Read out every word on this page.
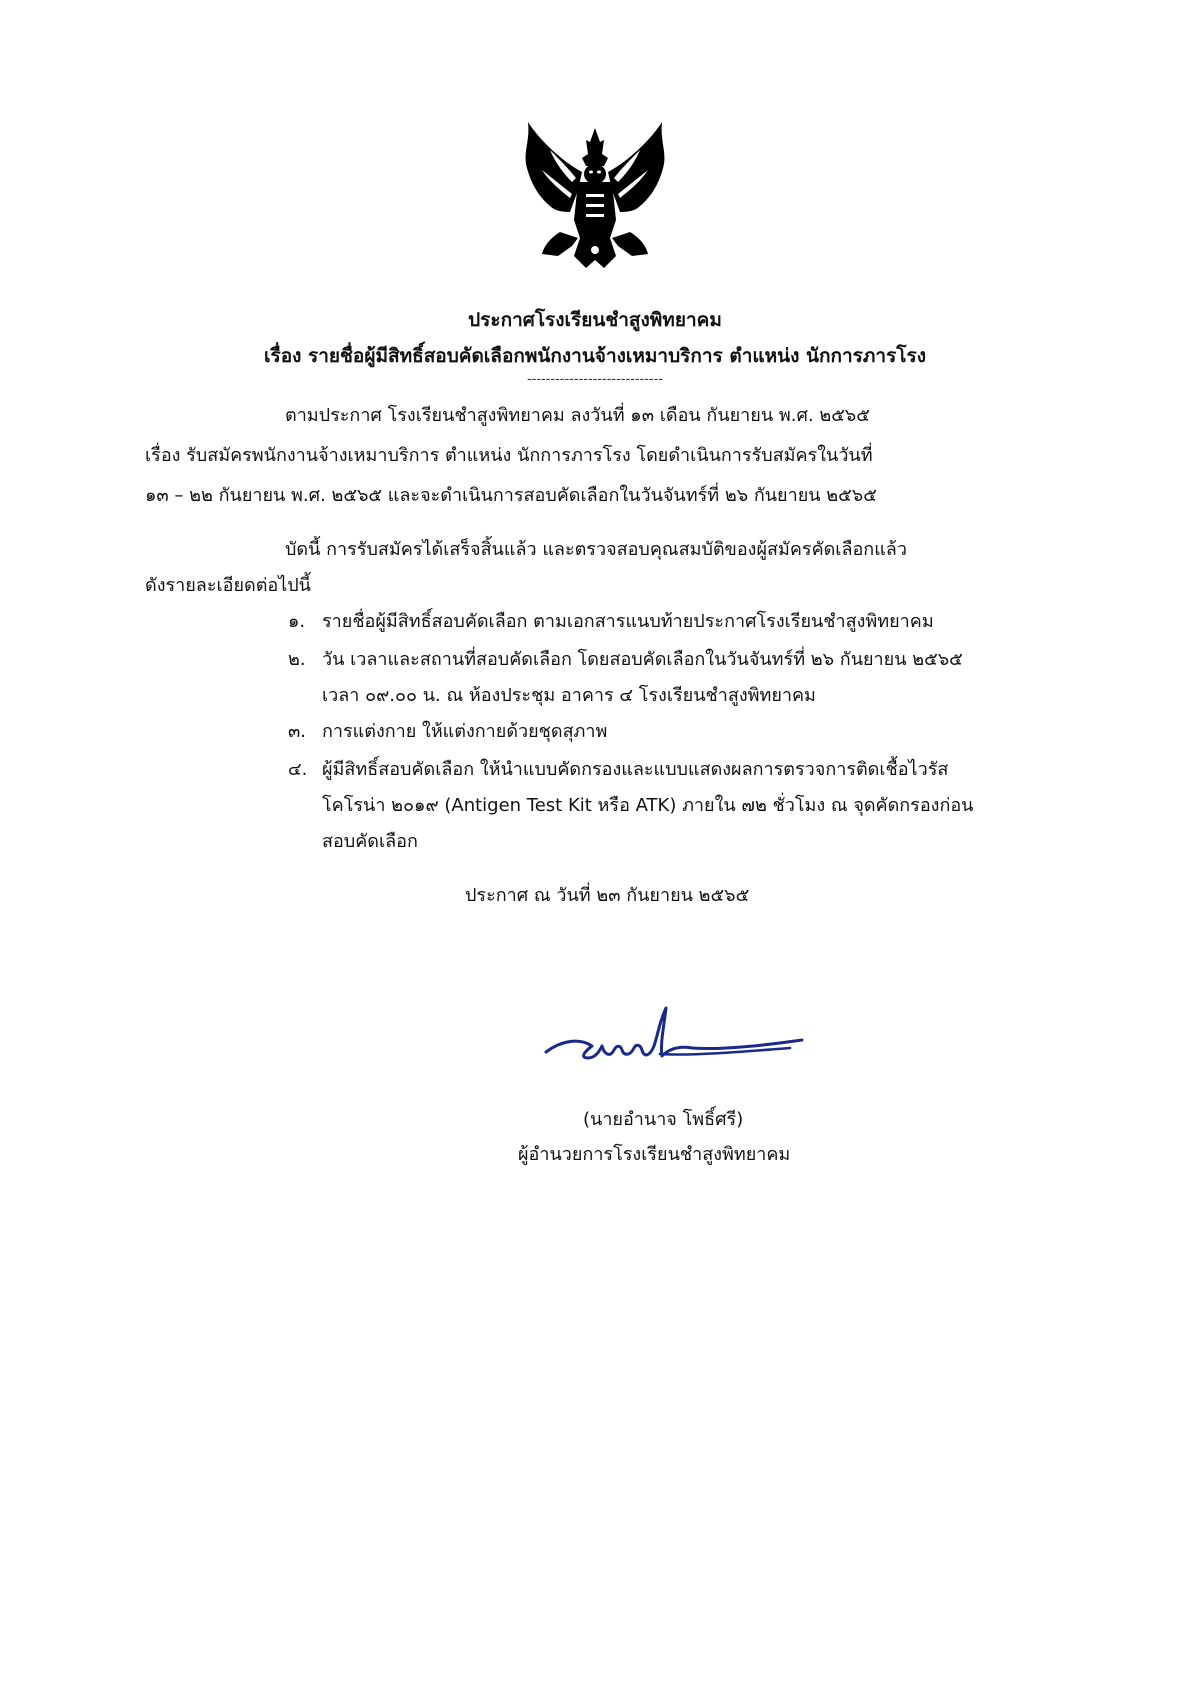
ประกาศโรงเรียนชำสูงพิทยาคม
เรื่อง รายชื่อผู้มีสิทธิ์สอบคัดเลือกพนักงานจ้างเหมาบริการ ตำแหน่ง นักการภารโรง
-----------------------------
ตามประกาศ โรงเรียนชำสูงพิทยาคม ลงวันที่ ๑๓ เดือน กันยายน พ.ศ. ๒๕๖๕
เรื่อง รับสมัครพนักงานจ้างเหมาบริการ ตำแหน่ง นักการภารโรง โดยดำเนินการรับสมัครในวันที่
๑๓ – ๒๒ กันยายน พ.ศ. ๒๕๖๕ และจะดำเนินการสอบคัดเลือกในวันจันทร์ที่ ๒๖ กันยายน ๒๕๖๕
บัดนี้ การรับสมัครได้เสร็จสิ้นแล้ว และตรวจสอบคุณสมบัติของผู้สมัครคัดเลือกแล้ว
ดังรายละเอียดต่อไปนี้
๑. รายชื่อผู้มีสิทธิ์สอบคัดเลือก ตามเอกสารแนบท้ายประกาศโรงเรียนชำสูงพิทยาคม
๒. วัน เวลาและสถานที่สอบคัดเลือก โดยสอบคัดเลือกในวันจันทร์ที่ ๒๖ กันยายน ๒๕๖๕
เวลา ๐๙.๐๐ น. ณ ห้องประชุม อาคาร ๔ โรงเรียนชำสูงพิทยาคม
๓. การแต่งกาย ให้แต่งกายด้วยชุดสุภาพ
๔. ผู้มีสิทธิ์สอบคัดเลือก ให้นำแบบคัดกรองและแบบแสดงผลการตรวจการติดเชื้อไวรัส
โคโรน่า ๒๐๑๙ (Antigen Test Kit หรือ ATK) ภายใน ๗๒ ชั่วโมง ณ จุดคัดกรองก่อน
สอบคัดเลือก
ประกาศ ณ วันที่ ๒๓ กันยายน ๒๕๖๕
(นายอำนาจ โพธิ์ศรี)
ผู้อำนวยการโรงเรียนชำสูงพิทยาคม
